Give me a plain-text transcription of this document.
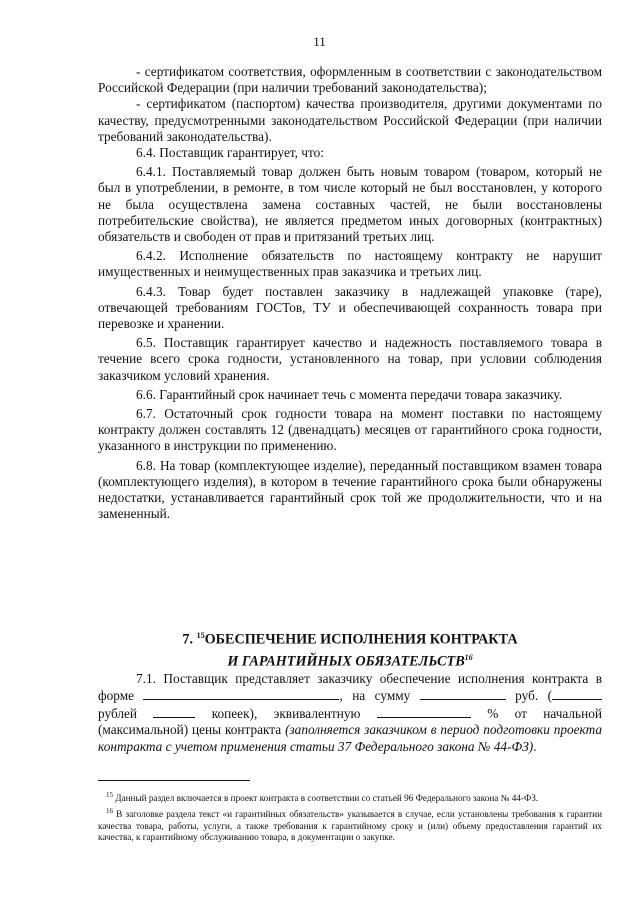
11

- сертификатом соответствия, оформленным в соответствии с законодательством Российской Федерации (при наличии требований законодательства);

- сертификатом (паспортом) качества производителя, другими документами по качеству, предусмотренными законодательством Российской Федерации (при наличии требований законодательства).

6.4. Поставщик гарантирует, что:

6.4.1. Поставляемый товар должен быть новым товаром (товаром, который не был в употреблении, в ремонте, в том числе который не был восстановлен, у которого не была осуществлена замена составных частей, не были восстановлены потребительские свойства), не является предметом иных договорных (контрактных) обязательств и свободен от прав и притязаний третьих лиц.

6.4.2. Исполнение обязательств по настоящему контракту не нарушит имущественных и неимущественных прав заказчика и третьих лиц.

6.4.3. Товар будет поставлен заказчику в надлежащей упаковке (таре), отвечающей требованиям ГОСТов, ТУ и обеспечивающей сохранность товара при перевозке и хранении.

6.5. Поставщик гарантирует качество и надежность поставляемого товара в течение всего срока годности, установленного на товар, при условии соблюдения заказчиком условий хранения.

6.6. Гарантийный срок начинает течь с момента передачи товара заказчику.

6.7. Остаточный срок годности товара на момент поставки по настоящему контракту должен составлять 12 (двенадцать) месяцев от гарантийного срока годности, указанного в инструкции по применению.

6.8. На товар (комплектующее изделие), переданный поставщиком взамен товара (комплектующего изделия), в котором в течение гарантийного срока были обнаружены недостатки, устанавливается гарантийный срок той же продолжительности, что и на замененный.

7. $^{15}$ОБЕСПЕЧЕНИЕ ИСПОЛНЕНИЯ КОНТРАКТА
И ГАРАНТИЙНЫХ ОБЯЗАТЕЛЬСТВ$^{16}$

7.1. Поставщик представляет заказчику обеспечение исполнения контракта в форме	, на сумму	руб. ( рублей	копеек), эквивалентную	% от начальной (максимальной) цены контракта (заполняется заказчиком в период подготовки проекта контракта с учетом применения статьи 37 Федерального закона № 44-ФЗ).

$^{15}$ Данный раздел включается в проект контракта в соответствии со статьей 96 Федерального закона № 44-ФЗ.

$^{16}$ В заголовке раздела текст «и гарантийных обязательств» указывается в случае, если установлены требования к гарантии качества товара, работы, услуги, а также требования к гарантийному сроку и (или) объему предоставления гарантий их качества, к гарантийному обслуживанию товара, в документации о закупке.
